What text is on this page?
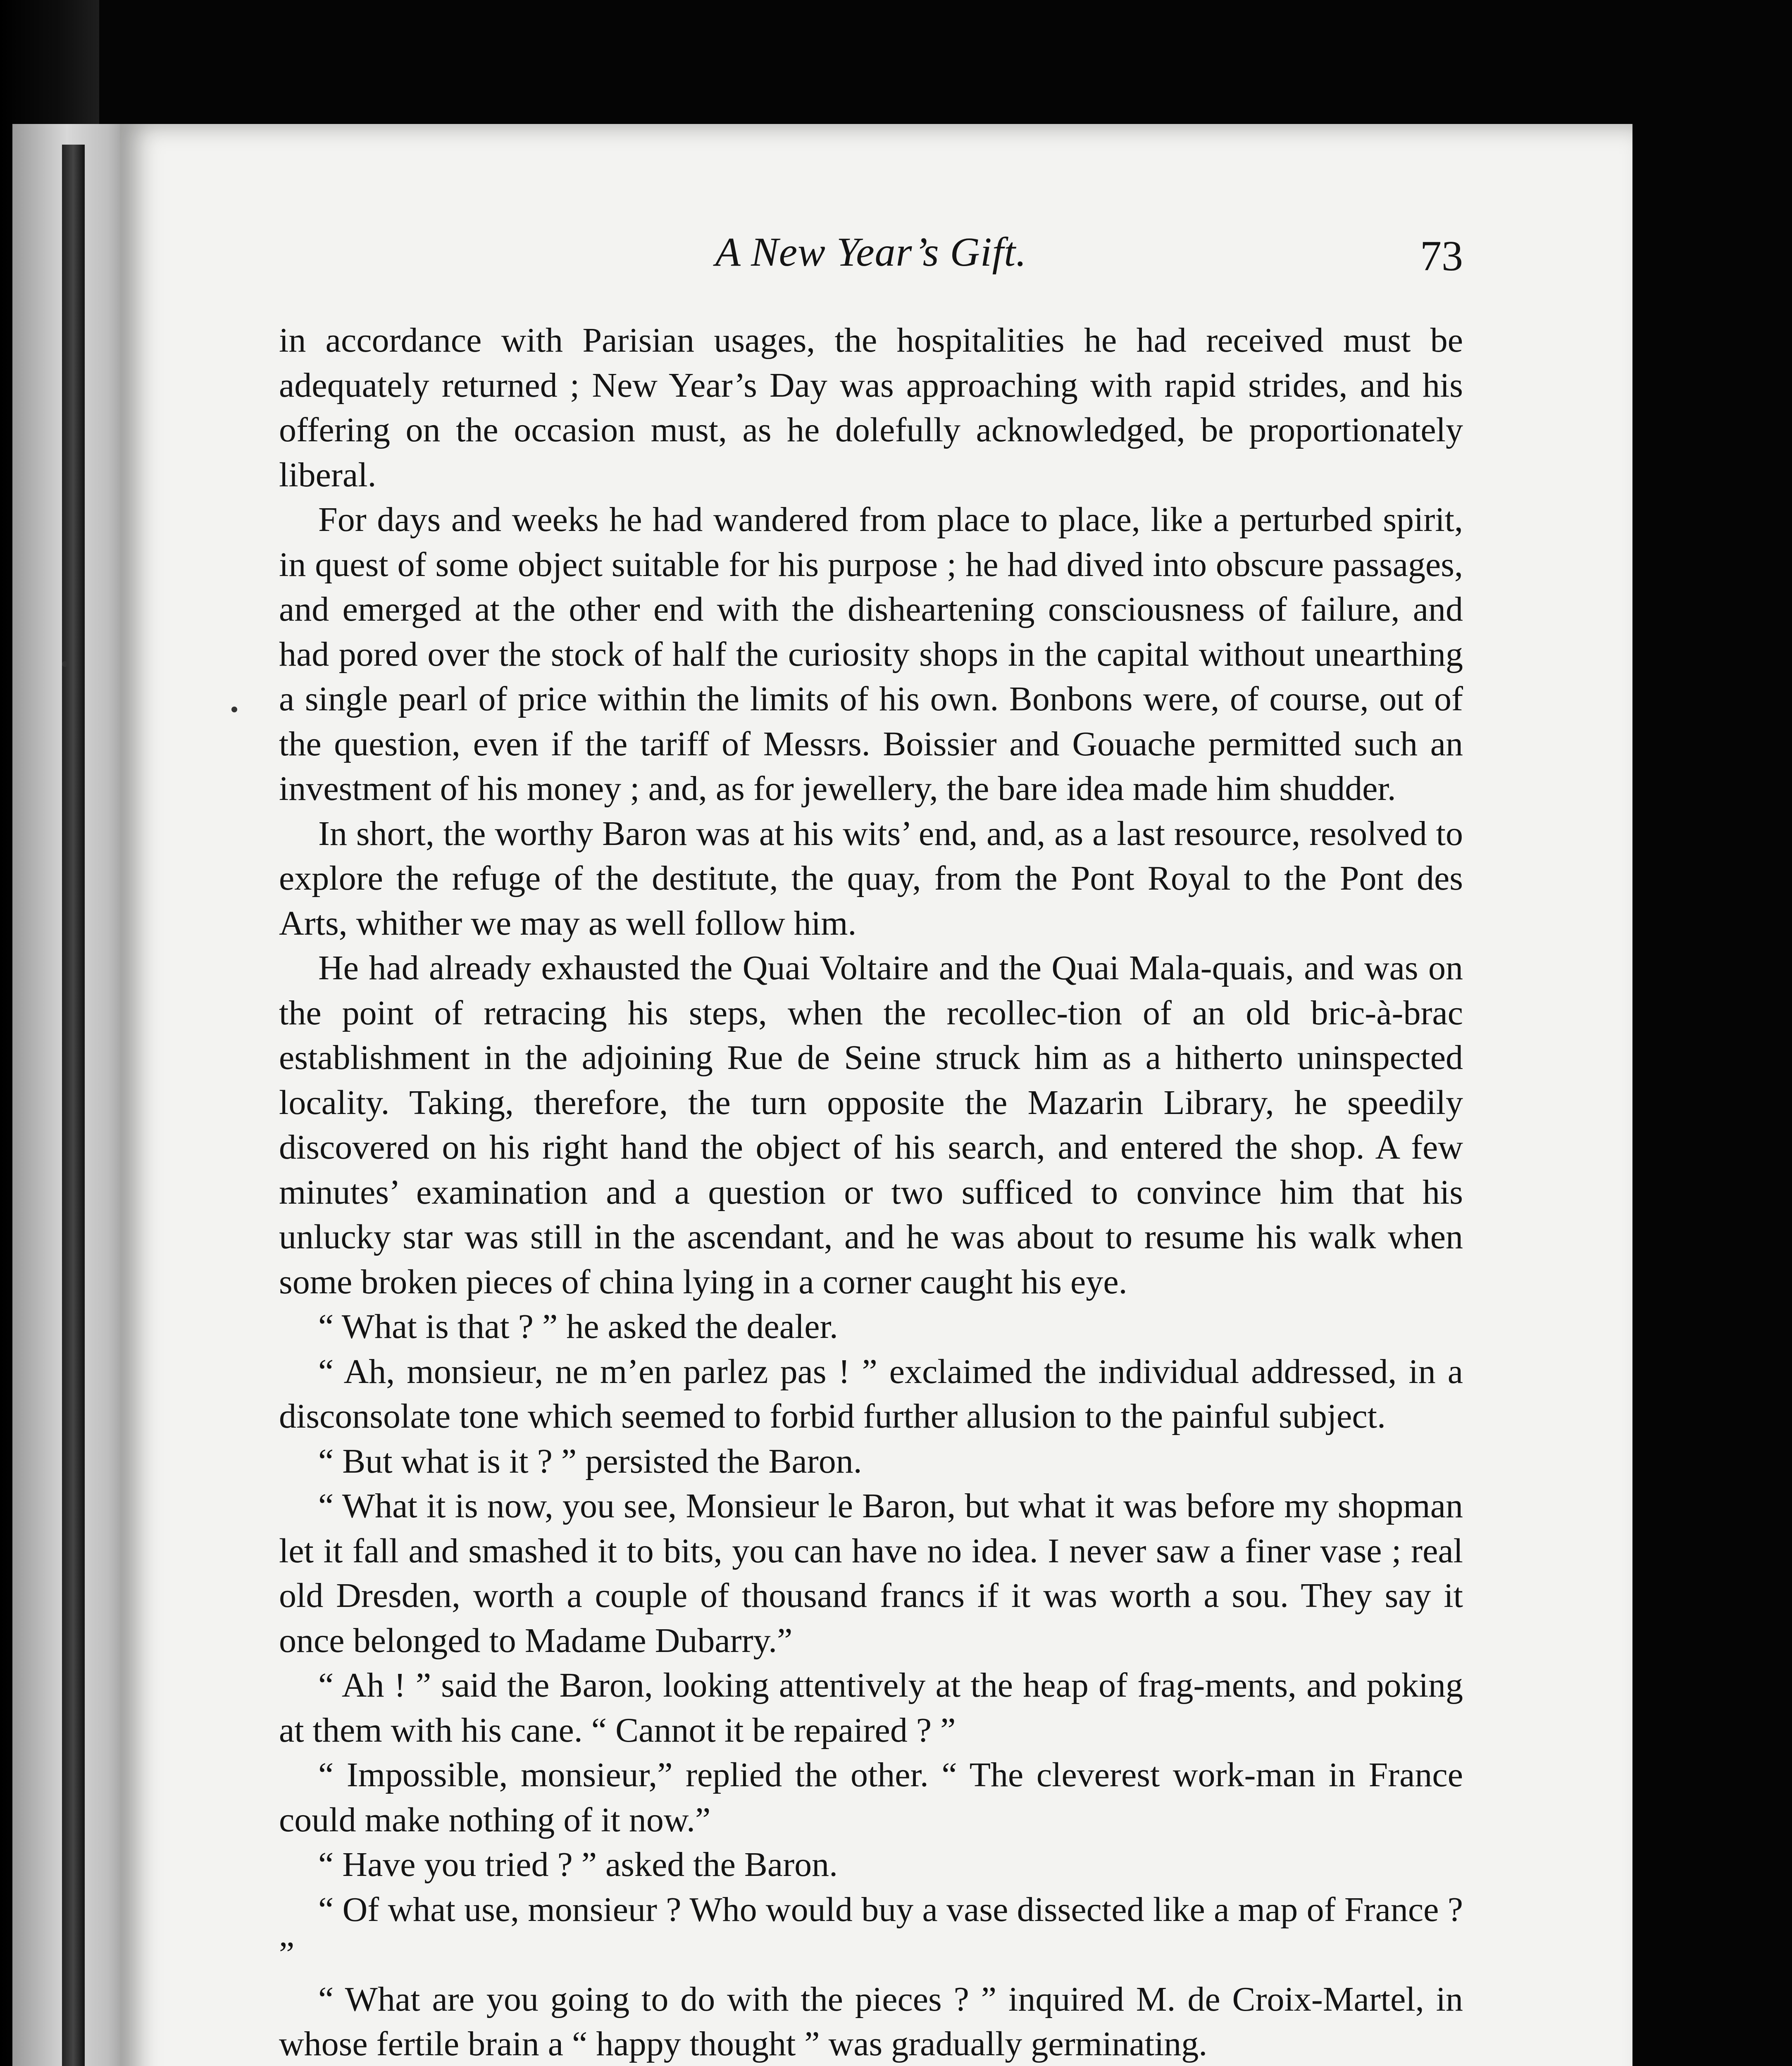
A New Year’s Gift.	73

in accordance with Parisian usages, the hospitalities he had received must be adequately returned ; New Year’s Day was approaching with rapid strides, and his offering on the occasion must, as he dolefully acknowledged, be proportionately liberal.

For days and weeks he had wandered from place to place, like a perturbed spirit, in quest of some object suitable for his purpose ; he had dived into obscure passages, and emerged at the other end with the disheartening consciousness of failure, and had pored over the stock of half the curiosity shops in the capital without unearthing a single pearl of price within the limits of his own. Bonbons were, of course, out of the question, even if the tariff of Messrs. Boissier and Gouache permitted such an investment of his money ; and, as for jewellery, the bare idea made him shudder.

In short, the worthy Baron was at his wits’ end, and, as a last resource, resolved to explore the refuge of the destitute, the quay, from the Pont Royal to the Pont des Arts, whither we may as well follow him.

He had already exhausted the Quai Voltaire and the Quai Mala-quais, and was on the point of retracing his steps, when the recollec-tion of an old bric-à-brac establishment in the adjoining Rue de Seine struck him as a hitherto uninspected locality. Taking, therefore, the turn opposite the Mazarin Library, he speedily discovered on his right hand the object of his search, and entered the shop. A few minutes’ examination and a question or two sufficed to convince him that his unlucky star was still in the ascendant, and he was about to resume his walk when some broken pieces of china lying in a corner caught his eye.

“ What is that ? ” he asked the dealer.

“ Ah, monsieur, ne m’en parlez pas ! ” exclaimed the individual addressed, in a disconsolate tone which seemed to forbid further allusion to the painful subject.

“ But what is it ? ” persisted the Baron.

“ What it is now, you see, Monsieur le Baron, but what it was before my shopman let it fall and smashed it to bits, you can have no idea. I never saw a finer vase ; real old Dresden, worth a couple of thousand francs if it was worth a sou. They say it once belonged to Madame Dubarry.”

“ Ah ! ” said the Baron, looking attentively at the heap of frag-ments, and poking at them with his cane. “ Cannot it be repaired ? ”

“ Impossible, monsieur,” replied the other. “ The cleverest work-man in France could make nothing of it now.”

“ Have you tried ? ” asked the Baron.

“ Of what use, monsieur ? Who would buy a vase dissected like a map of France ? ”

“ What are you going to do with the pieces ? ” inquired M. de Croix-Martel, in whose fertile brain a “ happy thought ” was gradually germinating.
